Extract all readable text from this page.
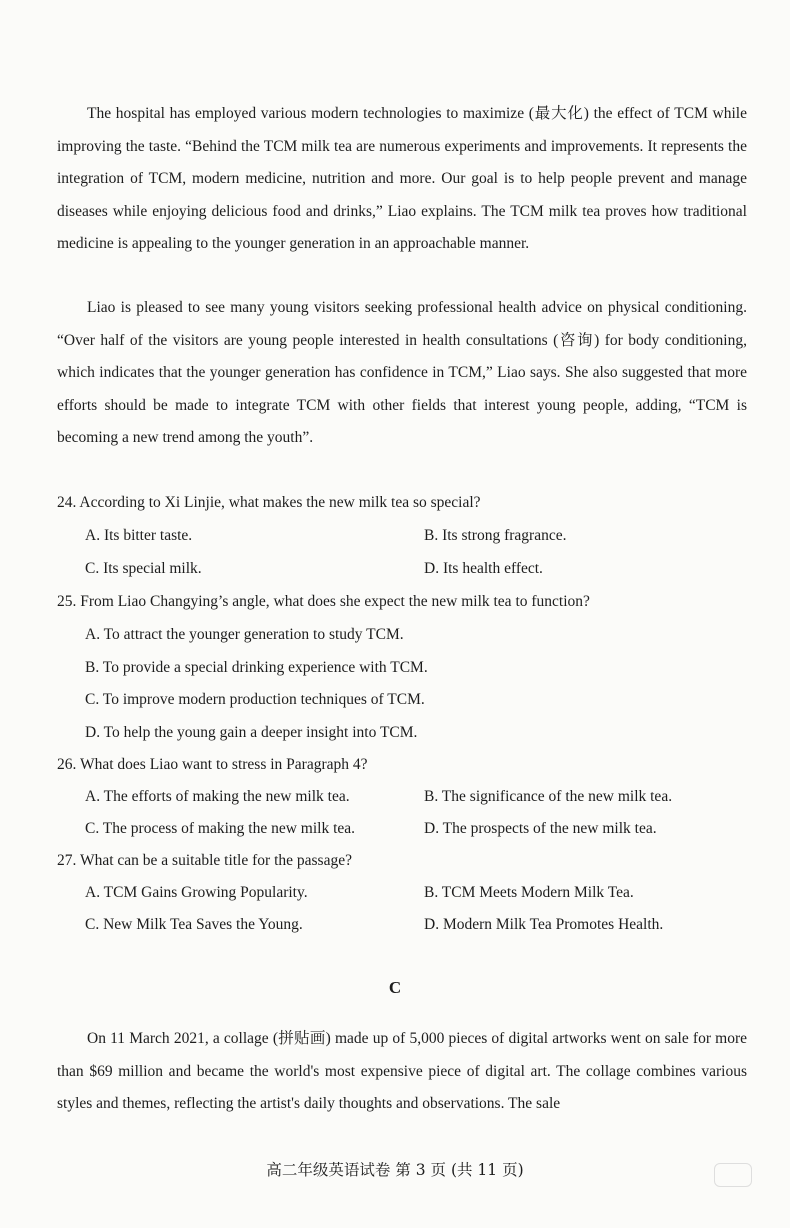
The hospital has employed various modern technologies to maximize (最大化) the effect of TCM while improving the taste. “Behind the TCM milk tea are numerous experiments and improvements. It represents the integration of TCM, modern medicine, nutrition and more. Our goal is to help people prevent and manage diseases while enjoying delicious food and drinks,” Liao explains. The TCM milk tea proves how traditional medicine is appealing to the younger generation in an approachable manner.

Liao is pleased to see many young visitors seeking professional health advice on physical conditioning. “Over half of the visitors are young people interested in health consultations (咨询) for body conditioning, which indicates that the younger generation has confidence in TCM,” Liao says. She also suggested that more efforts should be made to integrate TCM with other fields that interest young people, adding, “TCM is becoming a new trend among the youth”.

24. According to Xi Linjie, what makes the new milk tea so special?
A. Its bitter taste.	B. Its strong fragrance.
C. Its special milk.	D. Its health effect.
25. From Liao Changying’s angle, what does she expect the new milk tea to function?
A. To attract the younger generation to study TCM.
B. To provide a special drinking experience with TCM.
C. To improve modern production techniques of TCM.
D. To help the young gain a deeper insight into TCM.
26. What does Liao want to stress in Paragraph 4?
A. The efforts of making the new milk tea.	B. The significance of the new milk tea.
C. The process of making the new milk tea.	D. The prospects of the new milk tea.
27. What can be a suitable title for the passage?
A. TCM Gains Growing Popularity.	B. TCM Meets Modern Milk Tea.
C. New Milk Tea Saves the Young.	D. Modern Milk Tea Promotes Health.
C

On 11 March 2021, a collage (拼贴画) made up of 5,000 pieces of digital artworks went on sale for more than $69 million and became the world's most expensive piece of digital art. The collage combines various styles and themes, reflecting the artist's daily thoughts and observations. The sale

高二年级英语试卷 第 3 页 (共 11 页)
